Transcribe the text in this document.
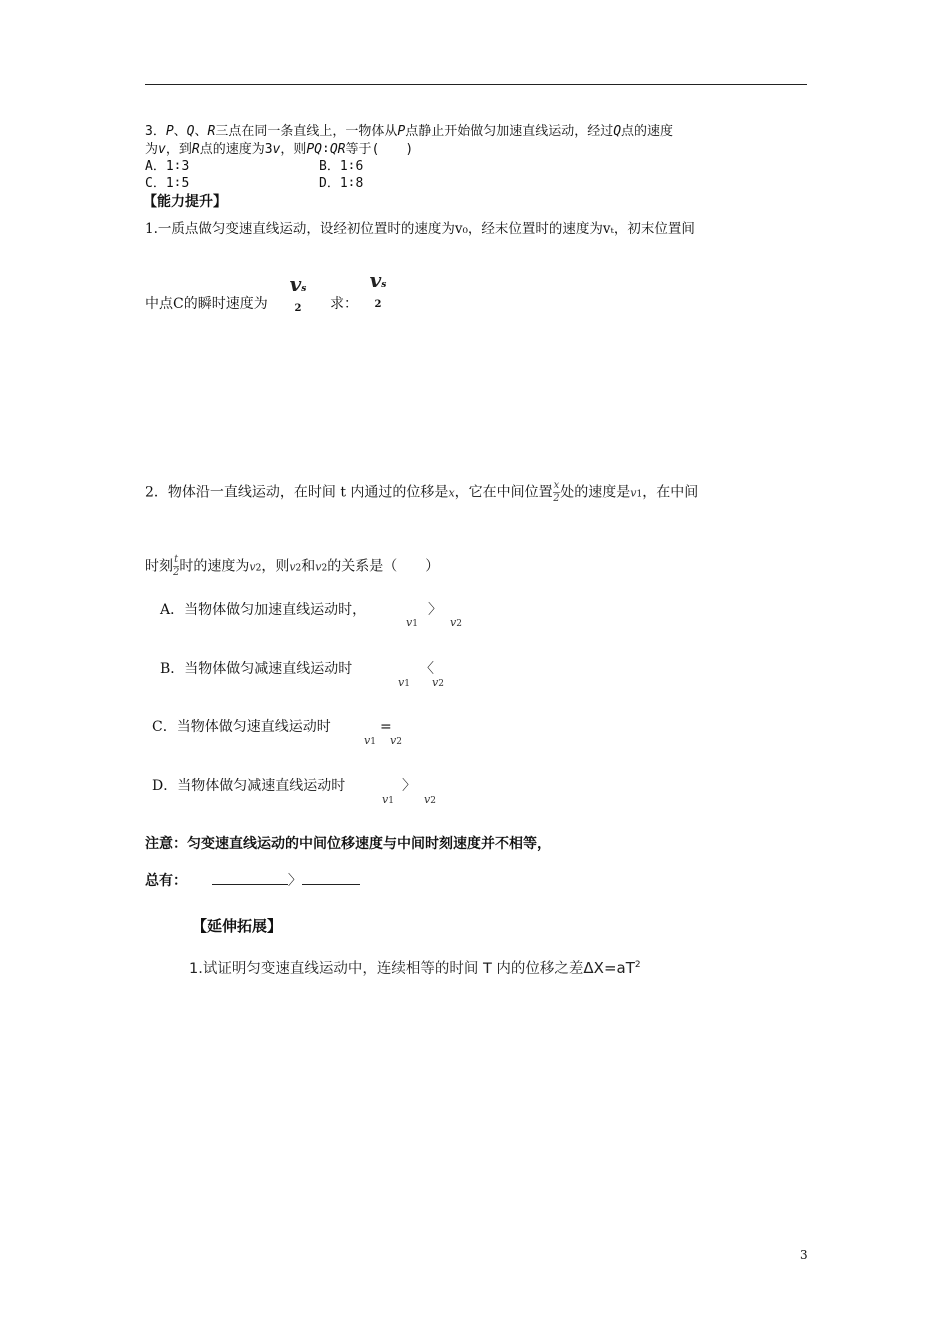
3．P、Q、R三点在同一条直线上，一物体从P点静止开始做匀加速直线运动，经过Q点的速度
为v，到R点的速度为3v，则PQ∶QR等于(　　)
A．1∶3	B．1∶6
C．1∶5	D．1∶8
【能力提升】
1.一质点做匀变速直线运动，设经初位置时的速度为v₀，经末位置时的速度为vₜ，初末位置间
中点C的瞬时速度为
vs
2	求：
vs
2
2．物体沿一直线运动，在时间 t 内通过的位移是x，它在中间位置 $\frac{x}{2}$ 处的速度是v1，在中间
时刻 $\frac{t}{2}$ 时的速度为v2，则v2和v2的关系是（　　）
A．当物体做匀加速直线运动时，
v1
〉
v2
B．当物体做匀减速直线运动时
v1
〈
v2
C．当物体做匀速直线运动时
v1
=
v2
D．当物体做匀减速直线运动时
v1
〉
v2
注意：匀变速直线运动的中间位移速度与中间时刻速度并不相等，
总有：	〉
【延伸拓展】
1.试证明匀变速直线运动中，连续相等的时间 T 内的位移之差$\Delta X=aT^2$
3
